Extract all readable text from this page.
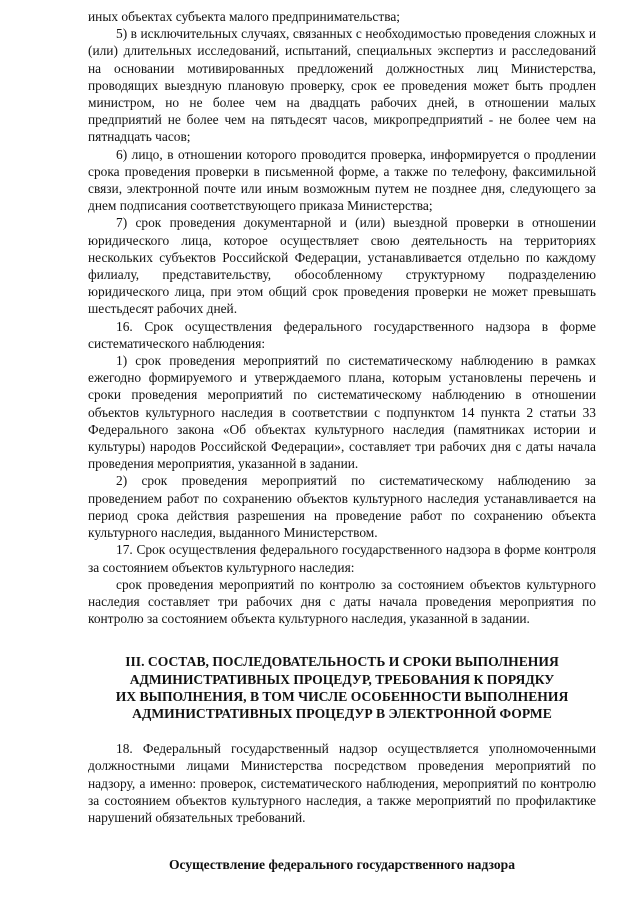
иных объектах субъекта малого предпринимательства;

5) в исключительных случаях, связанных с необходимостью проведения сложных и (или) длительных исследований, испытаний, специальных экспертиз и расследований на основании мотивированных предложений должностных лиц Министерства, проводящих выездную плановую проверку, срок ее проведения может быть продлен министром, но не более чем на двадцать рабочих дней, в отношении малых предприятий не более чем на пятьдесят часов, микропредприятий - не более чем на пятнадцать часов;

6) лицо, в отношении которого проводится проверка, информируется о продлении срока проведения проверки в письменной форме, а также по телефону, факсимильной связи, электронной почте или иным возможным путем не позднее дня, следующего за днем подписания соответствующего приказа Министерства;

7) срок проведения документарной и (или) выездной проверки в отношении юридического лица, которое осуществляет свою деятельность на территориях нескольких субъектов Российской Федерации, устанавливается отдельно по каждому филиалу, представительству, обособленному структурному подразделению юридического лица, при этом общий срок проведения проверки не может превышать шестьдесят рабочих дней.

16. Срок осуществления федерального государственного надзора в форме систематического наблюдения:

1) срок проведения мероприятий по систематическому наблюдению в рамках ежегодно формируемого и утверждаемого плана, которым установлены перечень и сроки проведения мероприятий по систематическому наблюдению в отношении объектов культурного наследия в соответствии с подпунктом 14 пункта 2 статьи 33 Федерального закона «Об объектах культурного наследия (памятниках истории и культуры) народов Российской Федерации», составляет три рабочих дня с даты начала проведения мероприятия, указанной в задании.

2) срок проведения мероприятий по систематическому наблюдению за проведением работ по сохранению объектов культурного наследия устанавливается на период срока действия разрешения на проведение работ по сохранению объекта культурного наследия, выданного Министерством.

17. Срок осуществления федерального государственного надзора в форме контроля за состоянием объектов культурного наследия:

срок проведения мероприятий по контролю за состоянием объектов культурного наследия составляет три рабочих дня с даты начала проведения мероприятия по контролю за состоянием объекта культурного наследия, указанной в задании.

III. СОСТАВ, ПОСЛЕДОВАТЕЛЬНОСТЬ И СРОКИ ВЫПОЛНЕНИЯ
АДМИНИСТРАТИВНЫХ ПРОЦЕДУР, ТРЕБОВАНИЯ К ПОРЯДКУ
ИХ ВЫПОЛНЕНИЯ, В ТОМ ЧИСЛЕ ОСОБЕННОСТИ ВЫПОЛНЕНИЯ
АДМИНИСТРАТИВНЫХ ПРОЦЕДУР В ЭЛЕКТРОННОЙ ФОРМЕ

18. Федеральный государственный надзор осуществляется уполномоченными должностными лицами Министерства посредством проведения мероприятий по надзору, а именно: проверок, систематического наблюдения, мероприятий по контролю за состоянием объектов культурного наследия, а также мероприятий по профилактике нарушений обязательных требований.

Осуществление федерального государственного надзора
